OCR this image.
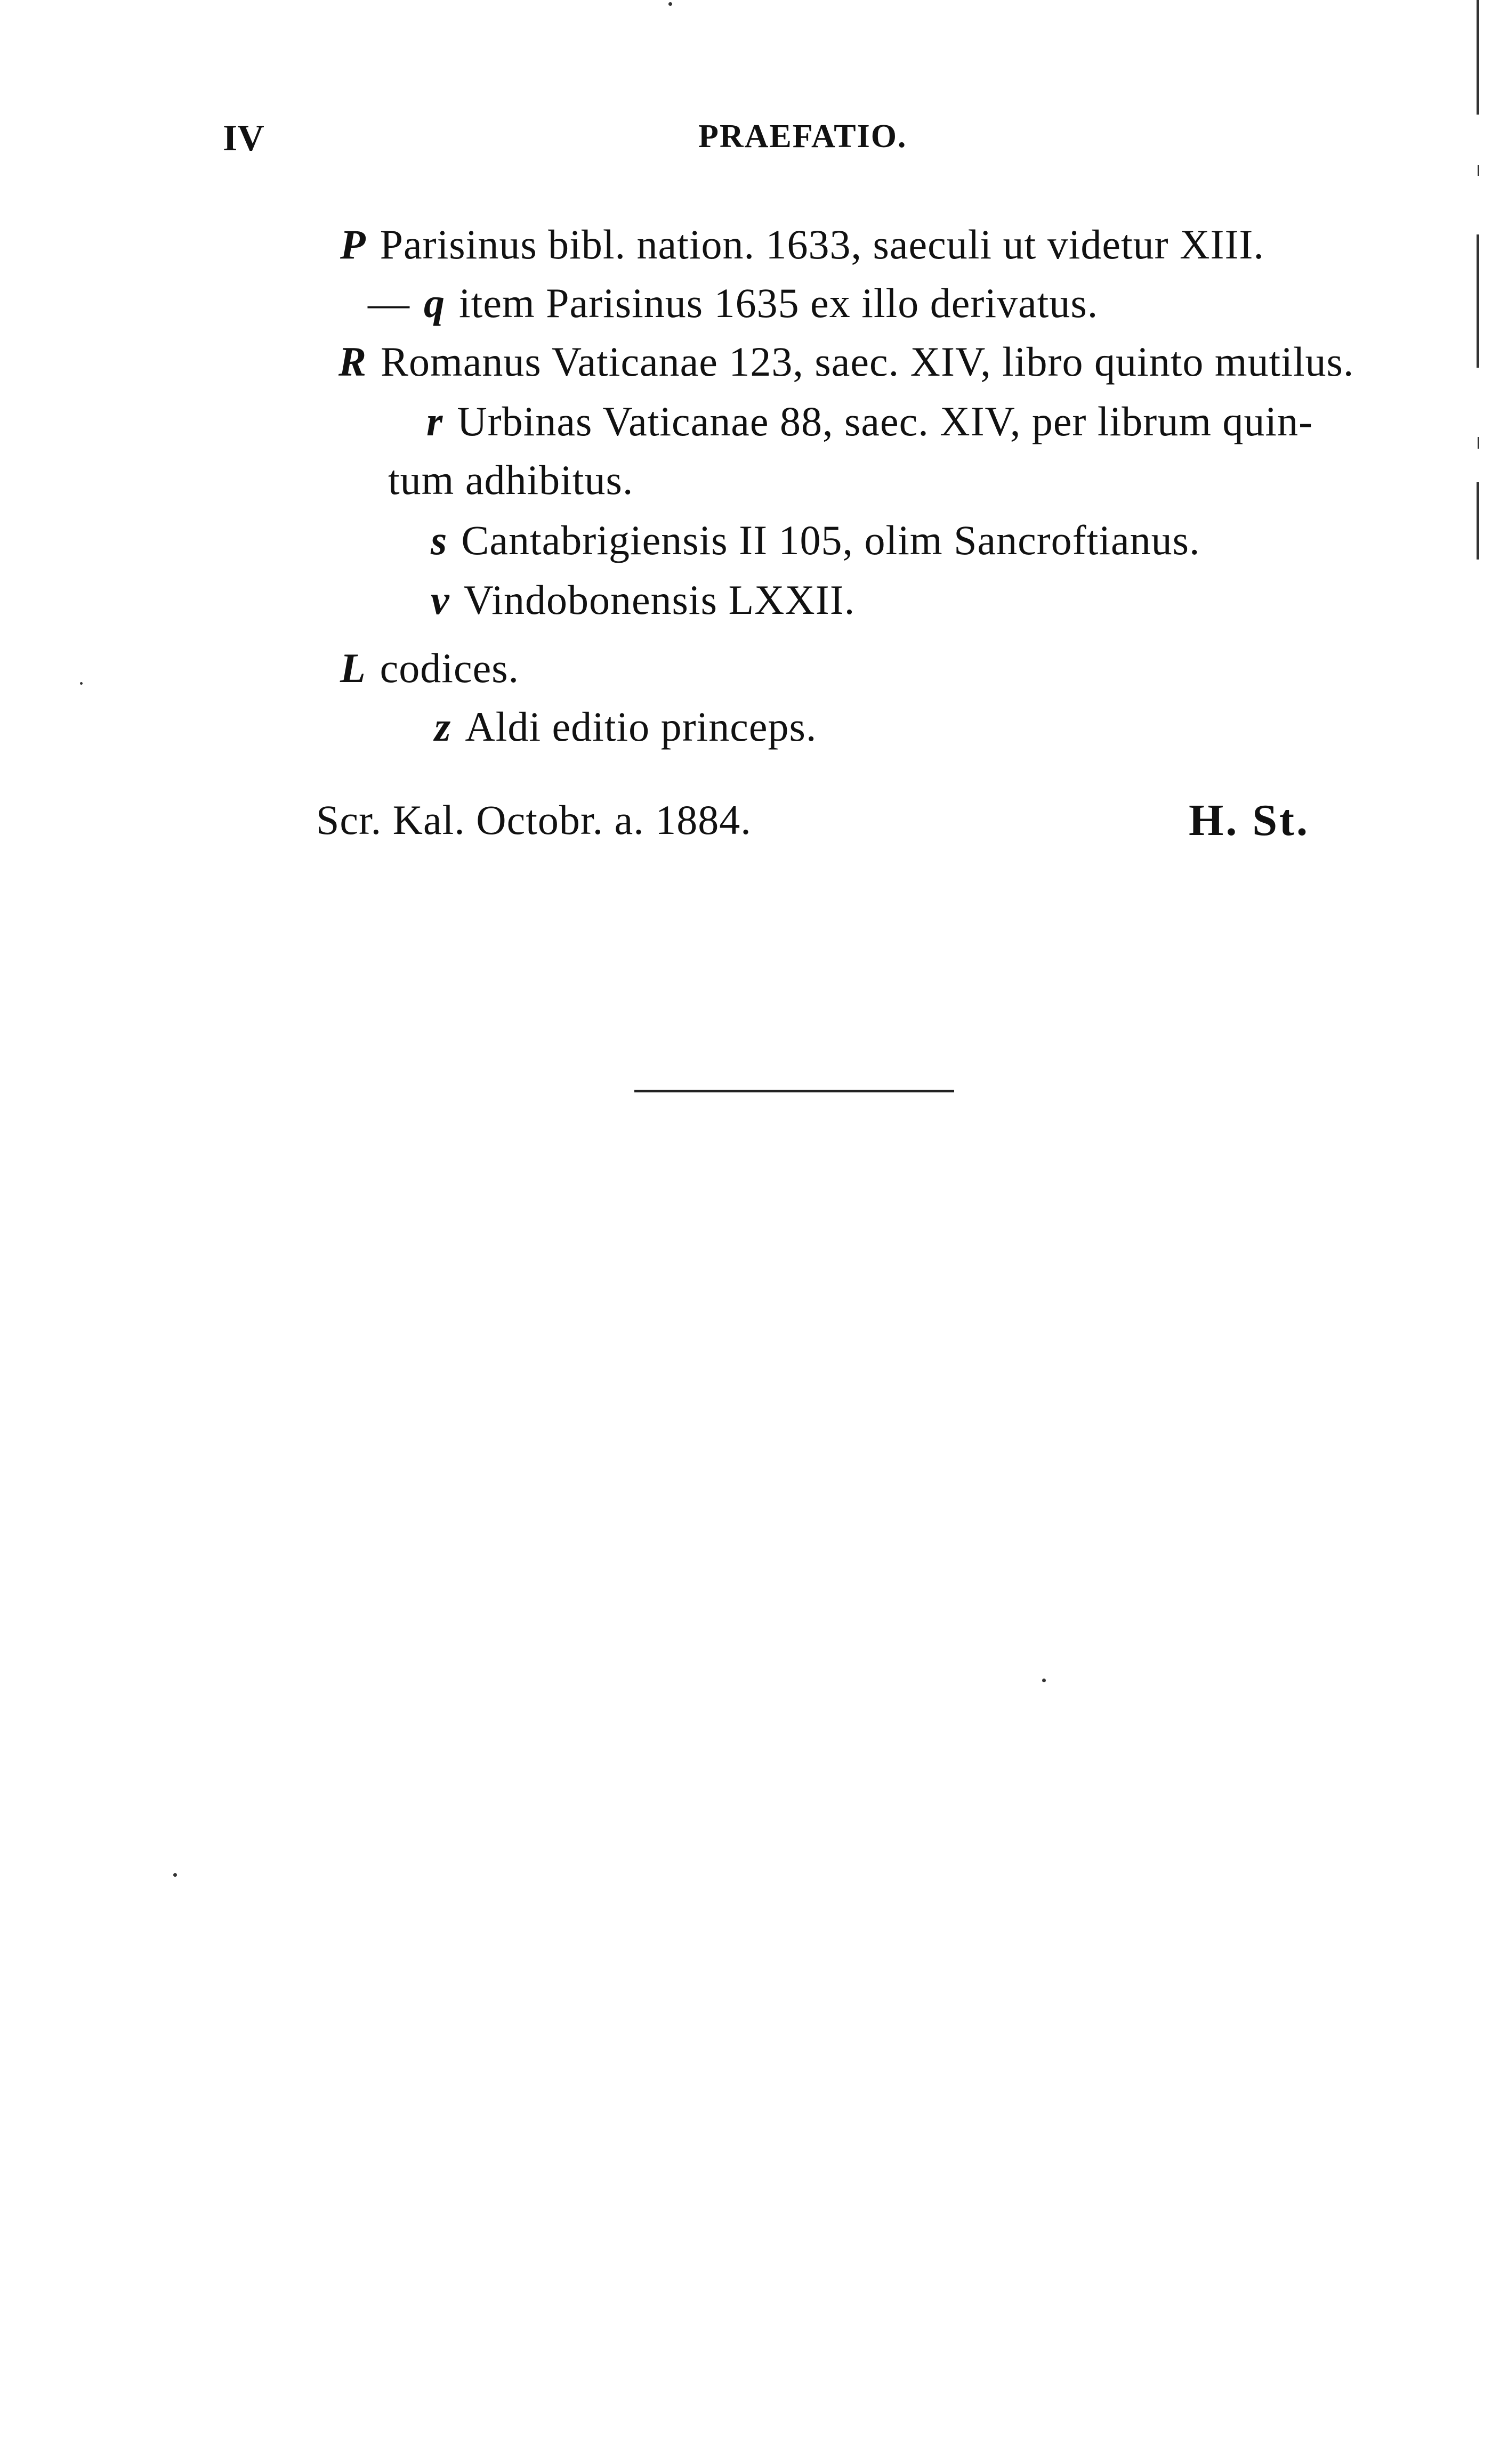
IV	PRAEFATIO.
P Parisinus bibl. nation. 1633, saeculi ut videtur XIII.
— q item Parisinus 1635 ex illo derivatus.
R Romanus Vaticanae 123, saec. XIV, libro quinto mutilus.
r Urbinas Vaticanae 88, saec. XIV, per librum quin-
tum adhibitus.
s Cantabrigiensis II 105, olim Sancroftianus.
v Vindobonensis LXXII.
L codices.
z Aldi editio princeps.
Scr. Kal. Octobr. a. 1884.	H. St.
